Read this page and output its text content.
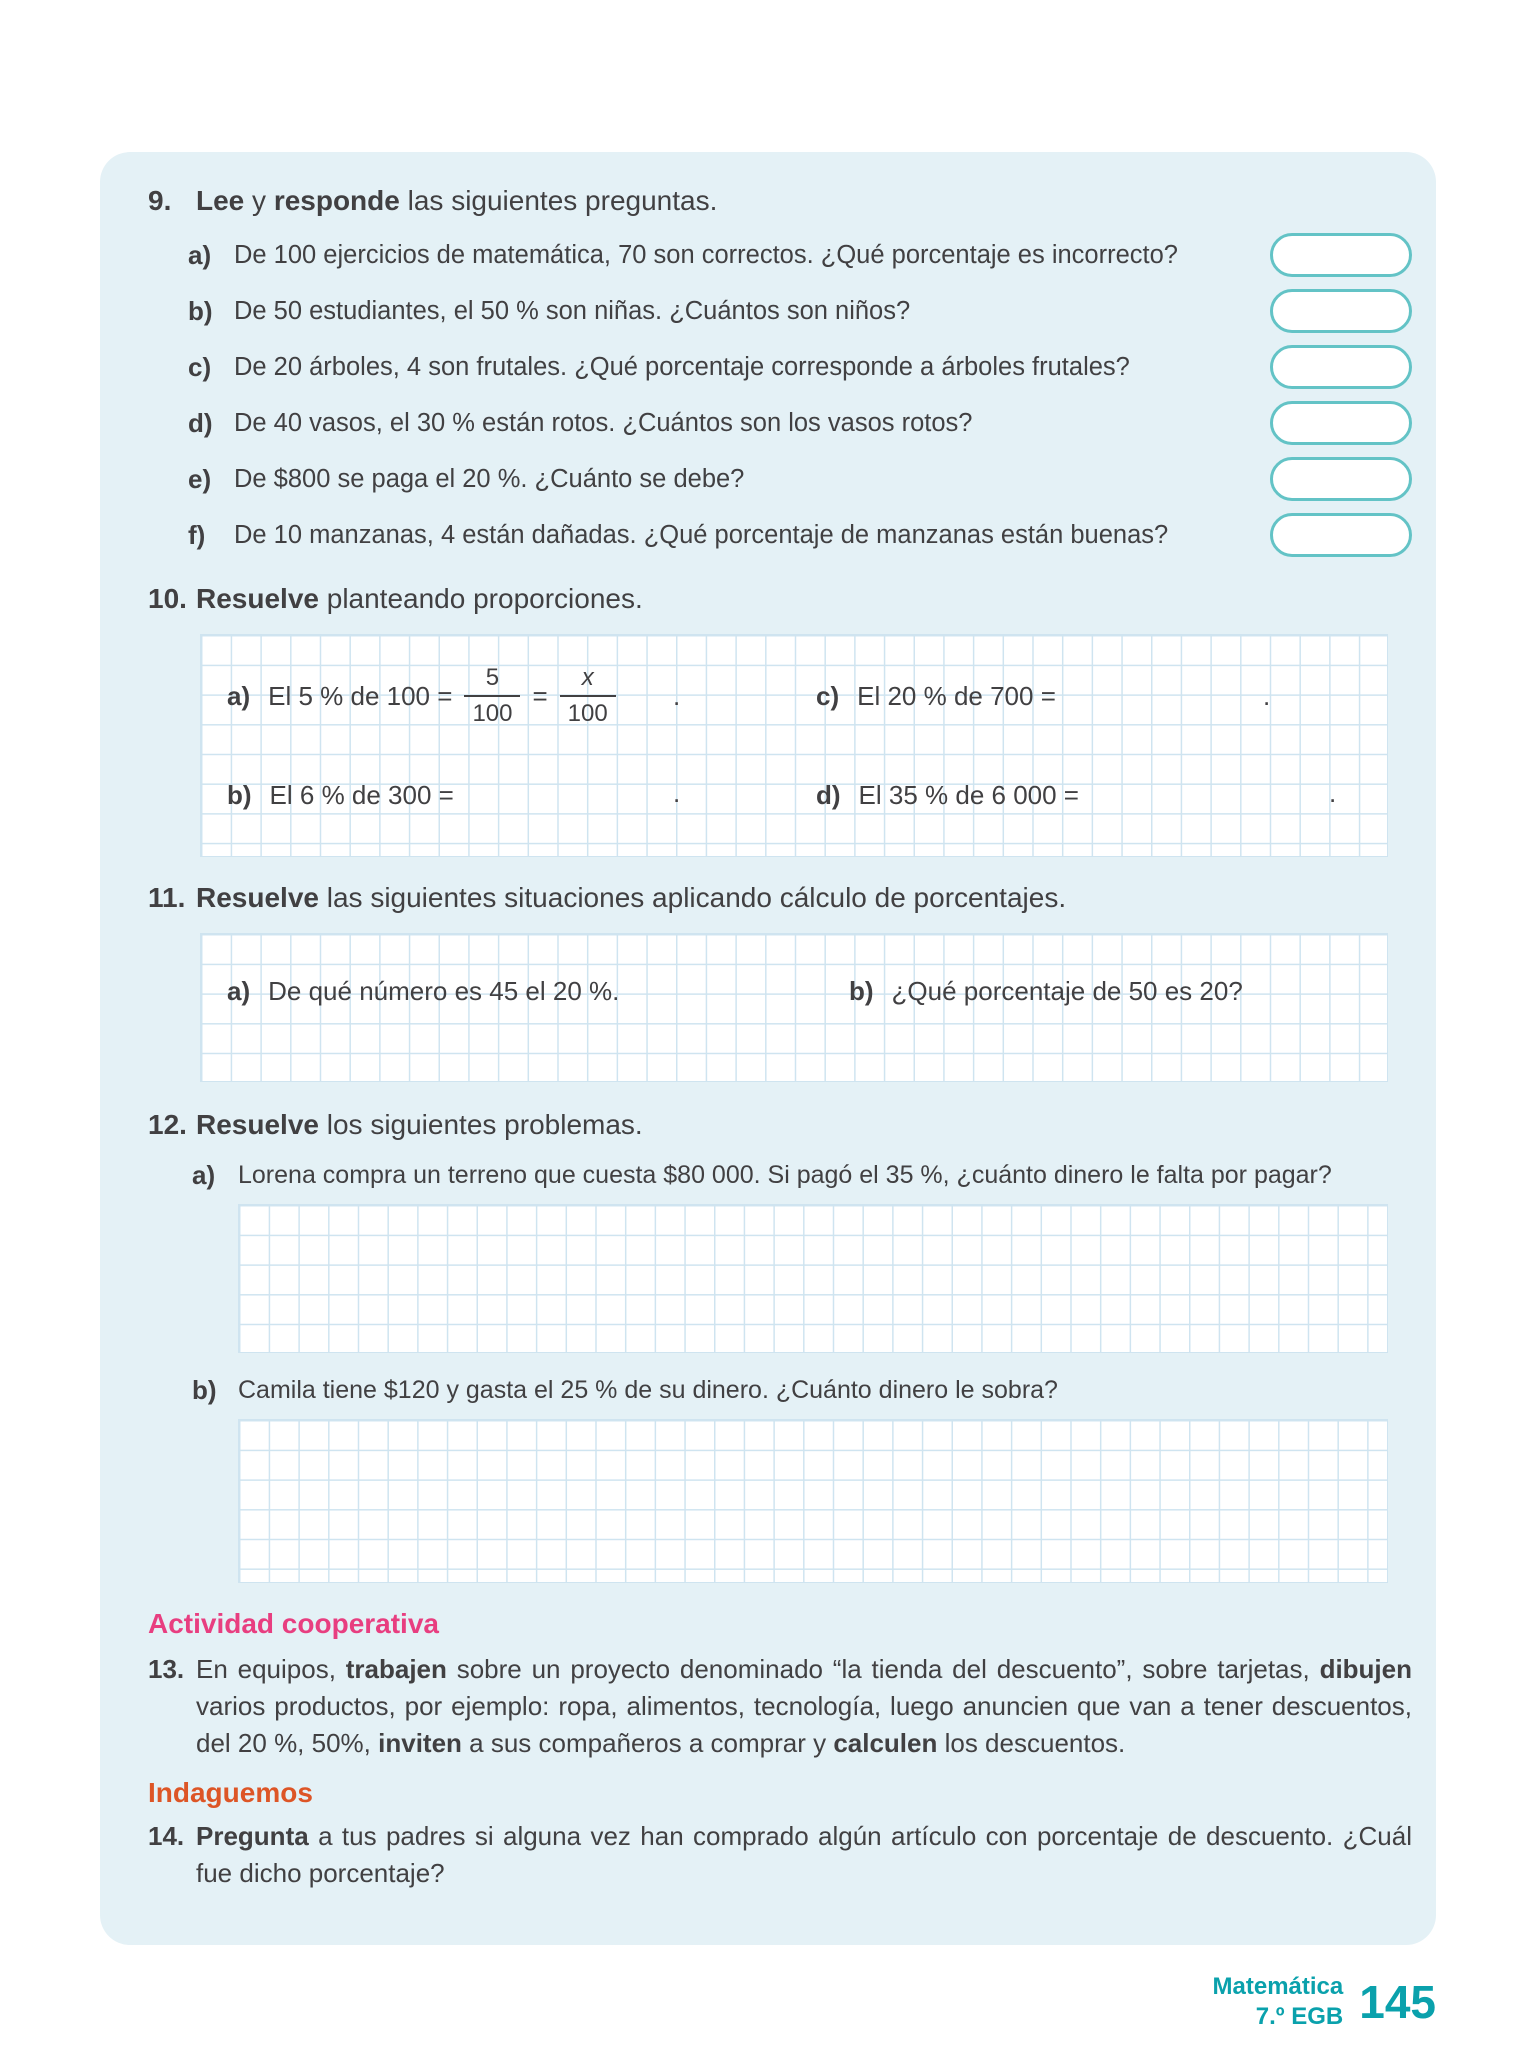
9. Lee y responde las siguientes preguntas.
a) De 100 ejercicios de matemática, 70 son correctos. ¿Qué porcentaje es incorrecto?
b) De 50 estudiantes, el 50 % son niñas. ¿Cuántos son niños?
c) De 20 árboles, 4 son frutales. ¿Qué porcentaje corresponde a árboles frutales?
d) De 40 vasos, el 30 % están rotos. ¿Cuántos son los vasos rotos?
e) De $800 se paga el 20 %. ¿Cuánto se debe?
f)	De 10 manzanas, 4 están dañadas. ¿Qué porcentaje de manzanas están buenas?
10. Resuelve planteando proporciones.
a) El 5 % de $100 = \frac{5}{100} = \frac{x}{100}$ .	c) El 20 % de 700 =	.
b) El 6 % de 300 =	.	d) El 35 % de 6 000 =	.
11. Resuelve las siguientes situaciones aplicando cálculo de porcentajes.
a) De qué número es 45 el 20 %.	b) ¿Qué porcentaje de 50 es 20?
12. Resuelve los siguientes problemas.
a) Lorena compra un terreno que cuesta $80 000. Si pagó el 35 %, ¿cuánto dinero le falta por pagar?
b) Camila tiene $120 y gasta el 25 % de su dinero. ¿Cuánto dinero le sobra?
Actividad cooperativa
13. En equipos, trabajen sobre un proyecto denominado “la tienda del descuento”, sobre tarjetas, dibujen varios productos, por ejemplo: ropa, alimentos, tecnología, luego anuncien que van a tener descuentos, del 20 %, 50%, inviten a sus compañeros a comprar y calculen los descuentos.
Indaguemos
14. Pregunta a tus padres si alguna vez han comprado algún artículo con porcentaje de descuento. ¿Cuál fue dicho porcentaje?
Matemática
7.º EGB 145
